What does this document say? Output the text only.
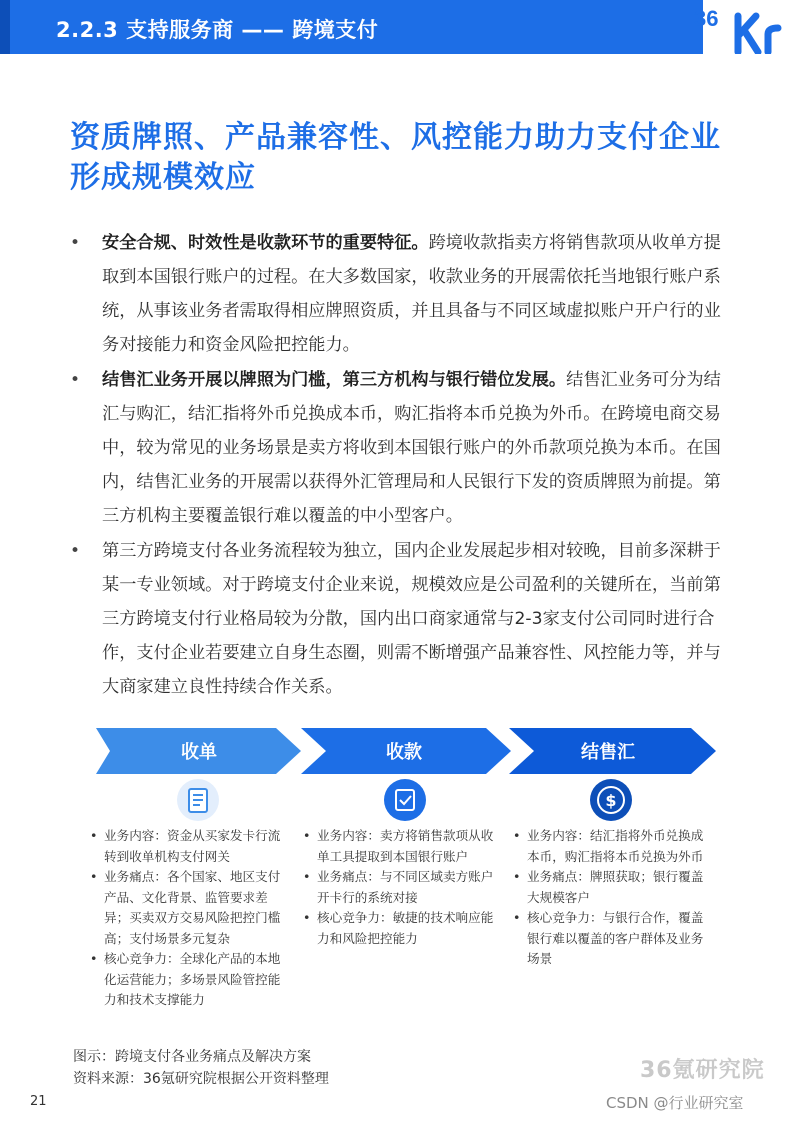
2.2.3 支持服务商 —— 跨境支付	36
资质牌照、产品兼容性、风控能力助力支付企业形成规模效应
• 安全合规、时效性是收款环节的重要特征。跨境收款指卖方将销售款项从收单方提取到本国银行账户的过程。在大多数国家，收款业务的开展需依托当地银行账户系统，从事该业务者需取得相应牌照资质，并且具备与不同区域虚拟账户开户行的业务对接能力和资金风险把控能力。
• 结售汇业务开展以牌照为门槛，第三方机构与银行错位发展。结售汇业务可分为结汇与购汇，结汇指将外币兑换成本币，购汇指将本币兑换为外币。在跨境电商交易中，较为常见的业务场景是卖方将收到本国银行账户的外币款项兑换为本币。在国内，结售汇业务的开展需以获得外汇管理局和人民银行下发的资质牌照为前提。第三方机构主要覆盖银行难以覆盖的中小型客户。
• 第三方跨境支付各业务流程较为独立，国内企业发展起步相对较晚，目前多深耕于某一专业领域。对于跨境支付企业来说，规模效应是公司盈利的关键所在，当前第三方跨境支付行业格局较为分散，国内出口商家通常与2-3家支付公司同时进行合作，支付企业若要建立自身生态圈，则需不断增强产品兼容性、风控能力等，并与大商家建立良性持续合作关系。
收单	收款	结售汇
$
• 业务内容：资金从买家发卡行流转到收单机构支付网关
• 业务痛点：各个国家、地区支付产品、文化背景、监管要求差异；买卖双方交易风险把控门槛高；支付场景多元复杂
• 核心竞争力：全球化产品的本地化运营能力；多场景风险管控能力和技术支撑能力
• 业务内容：卖方将销售款项从收单工具提取到本国银行账户
• 业务痛点：与不同区域卖方账户开卡行的系统对接
• 核心竞争力：敏捷的技术响应能力和风险把控能力
• 业务内容：结汇指将外币兑换成本币，购汇指将本币兑换为外币
• 业务痛点：牌照获取；银行覆盖大规模客户
• 核心竞争力：与银行合作，覆盖银行难以覆盖的客户群体及业务场景
图示：跨境支付各业务痛点及解决方案
资料来源：36氪研究院根据公开资料整理
21
36氪研究院
CSDN @行业研究室
